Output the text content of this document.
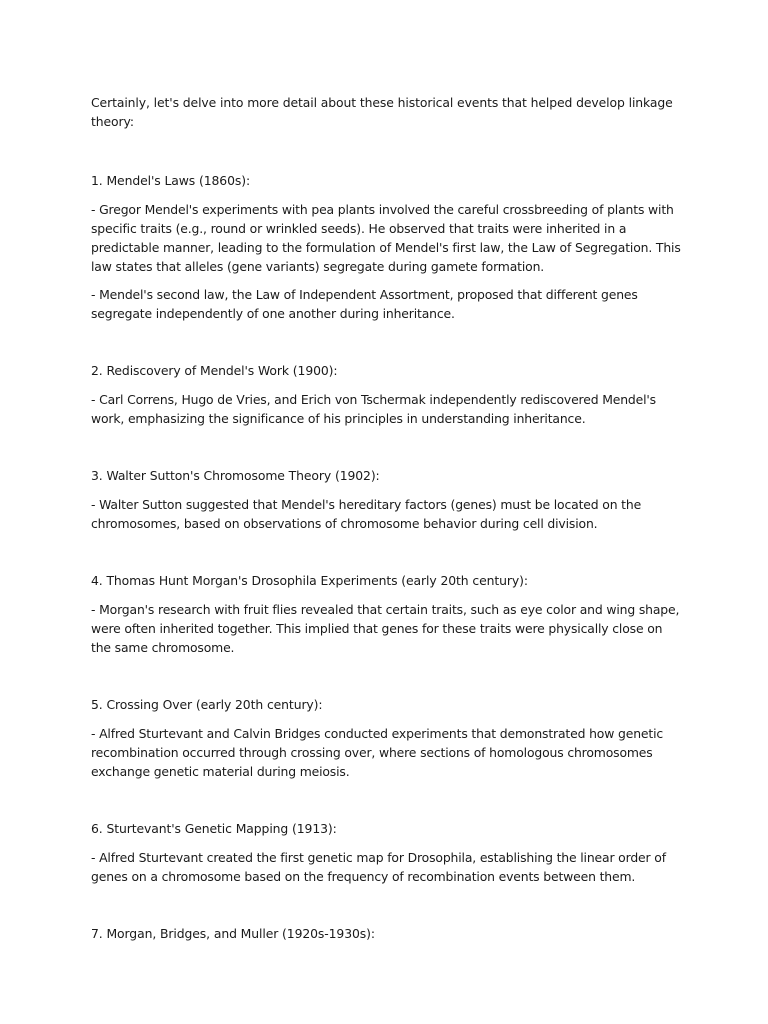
Certainly, let's delve into more detail about these historical events that helped develop linkage theory:

1. Mendel's Laws (1860s):

- Gregor Mendel's experiments with pea plants involved the careful crossbreeding of plants with specific traits (e.g., round or wrinkled seeds). He observed that traits were inherited in a predictable manner, leading to the formulation of Mendel's first law, the Law of Segregation. This law states that alleles (gene variants) segregate during gamete formation.

- Mendel's second law, the Law of Independent Assortment, proposed that different genes segregate independently of one another during inheritance.

2. Rediscovery of Mendel's Work (1900):

- Carl Correns, Hugo de Vries, and Erich von Tschermak independently rediscovered Mendel's work, emphasizing the significance of his principles in understanding inheritance.

3. Walter Sutton's Chromosome Theory (1902):

- Walter Sutton suggested that Mendel's hereditary factors (genes) must be located on the chromosomes, based on observations of chromosome behavior during cell division.

4. Thomas Hunt Morgan's Drosophila Experiments (early 20th century):

- Morgan's research with fruit flies revealed that certain traits, such as eye color and wing shape, were often inherited together. This implied that genes for these traits were physically close on the same chromosome.

5. Crossing Over (early 20th century):

- Alfred Sturtevant and Calvin Bridges conducted experiments that demonstrated how genetic recombination occurred through crossing over, where sections of homologous chromosomes exchange genetic material during meiosis.

6. Sturtevant's Genetic Mapping (1913):

- Alfred Sturtevant created the first genetic map for Drosophila, establishing the linear order of genes on a chromosome based on the frequency of recombination events between them.

7. Morgan, Bridges, and Muller (1920s-1930s):
